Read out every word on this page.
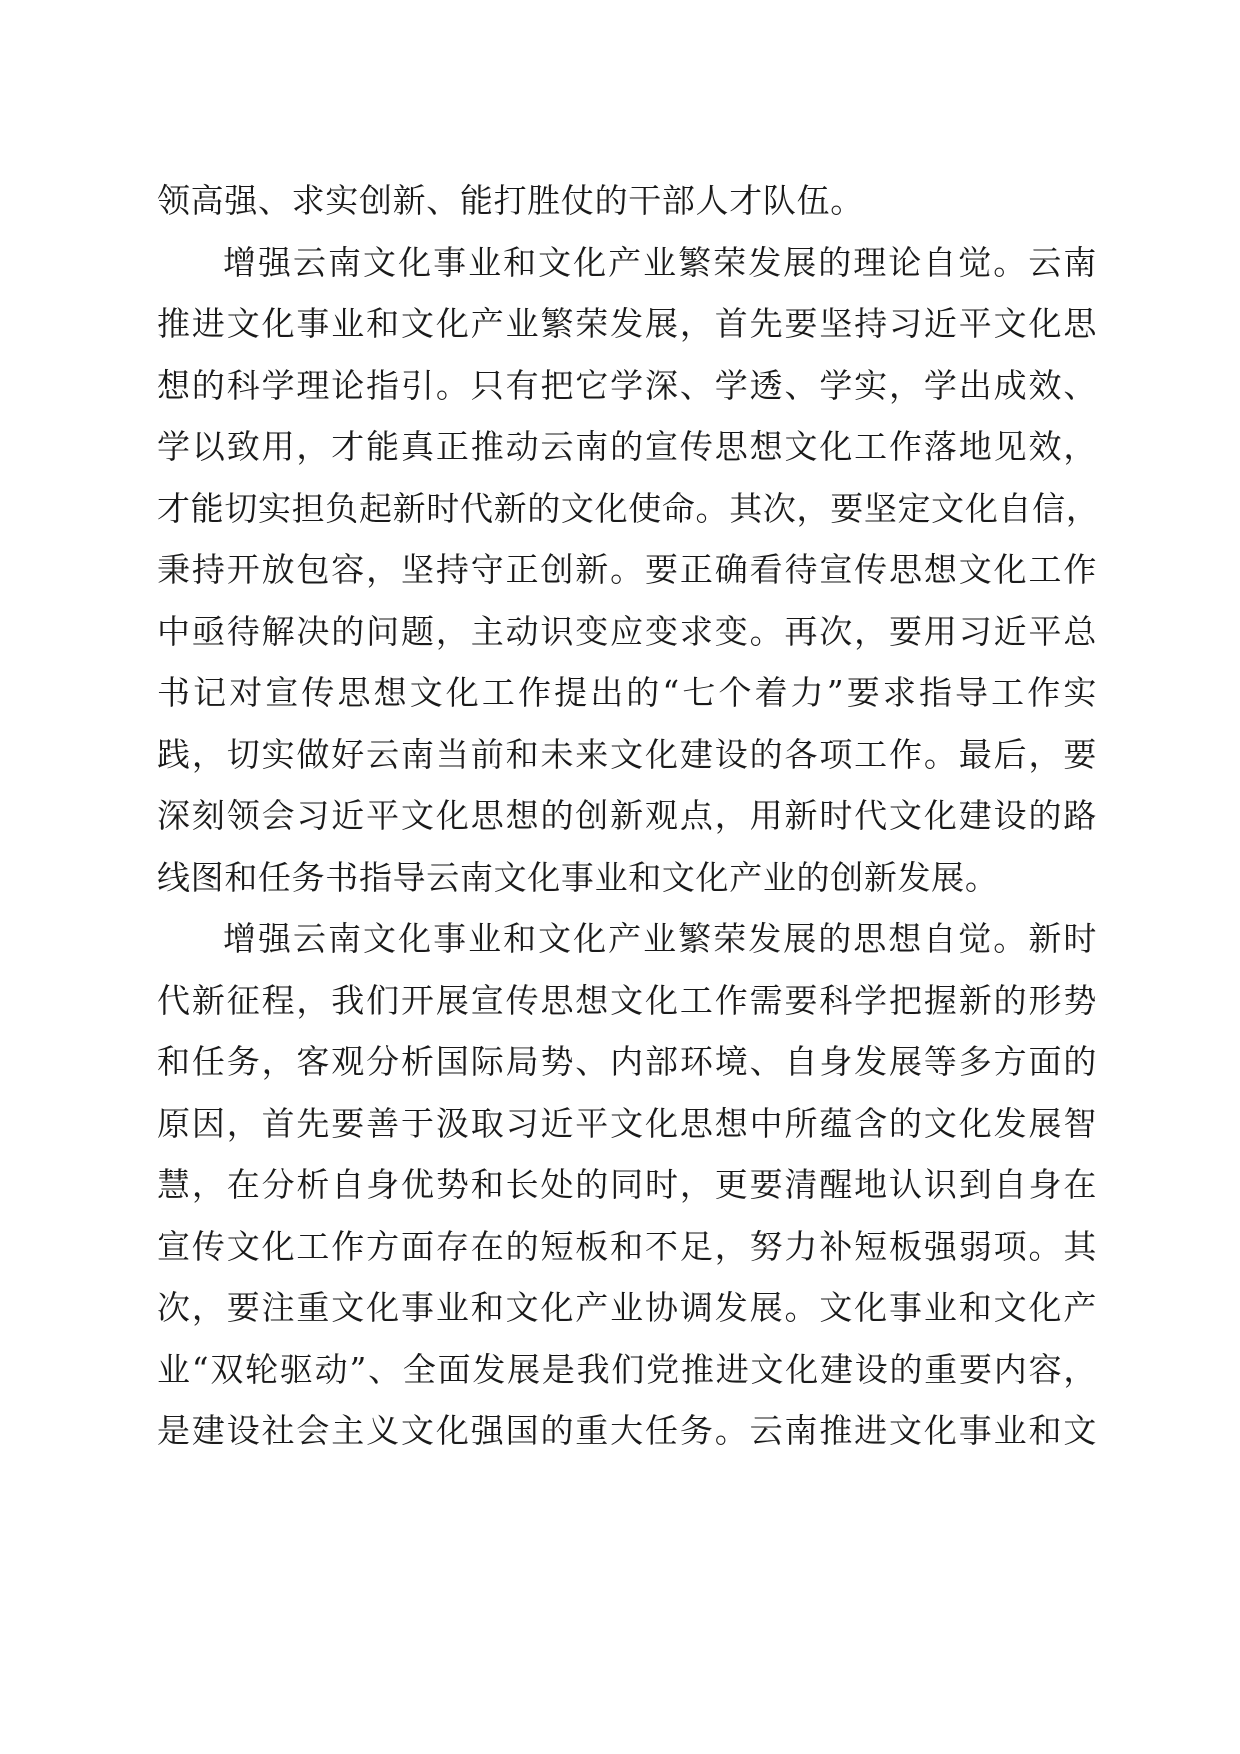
领高强、求实创新、能打胜仗的干部人才队伍。
增强云南文化事业和文化产业繁荣发展的理论自觉。云南
推进文化事业和文化产业繁荣发展，首先要坚持习近平文化思
想的科学理论指引。只有把它学深、学透、学实，学出成效、
学以致用，才能真正推动云南的宣传思想文化工作落地见效，
才能切实担负起新时代新的文化使命。其次，要坚定文化自信，
秉持开放包容，坚持守正创新。要正确看待宣传思想文化工作
中亟待解决的问题，主动识变应变求变。再次，要用习近平总
书记对宣传思想文化工作提出的“七个着力”要求指导工作实
践，切实做好云南当前和未来文化建设的各项工作。最后，要
深刻领会习近平文化思想的创新观点，用新时代文化建设的路
线图和任务书指导云南文化事业和文化产业的创新发展。
增强云南文化事业和文化产业繁荣发展的思想自觉。新时
代新征程，我们开展宣传思想文化工作需要科学把握新的形势
和任务，客观分析国际局势、内部环境、自身发展等多方面的
原因，首先要善于汲取习近平文化思想中所蕴含的文化发展智
慧，在分析自身优势和长处的同时，更要清醒地认识到自身在
宣传文化工作方面存在的短板和不足，努力补短板强弱项。其
次，要注重文化事业和文化产业协调发展。文化事业和文化产
业“双轮驱动”、全面发展是我们党推进文化建设的重要内容，
是建设社会主义文化强国的重大任务。云南推进文化事业和文
